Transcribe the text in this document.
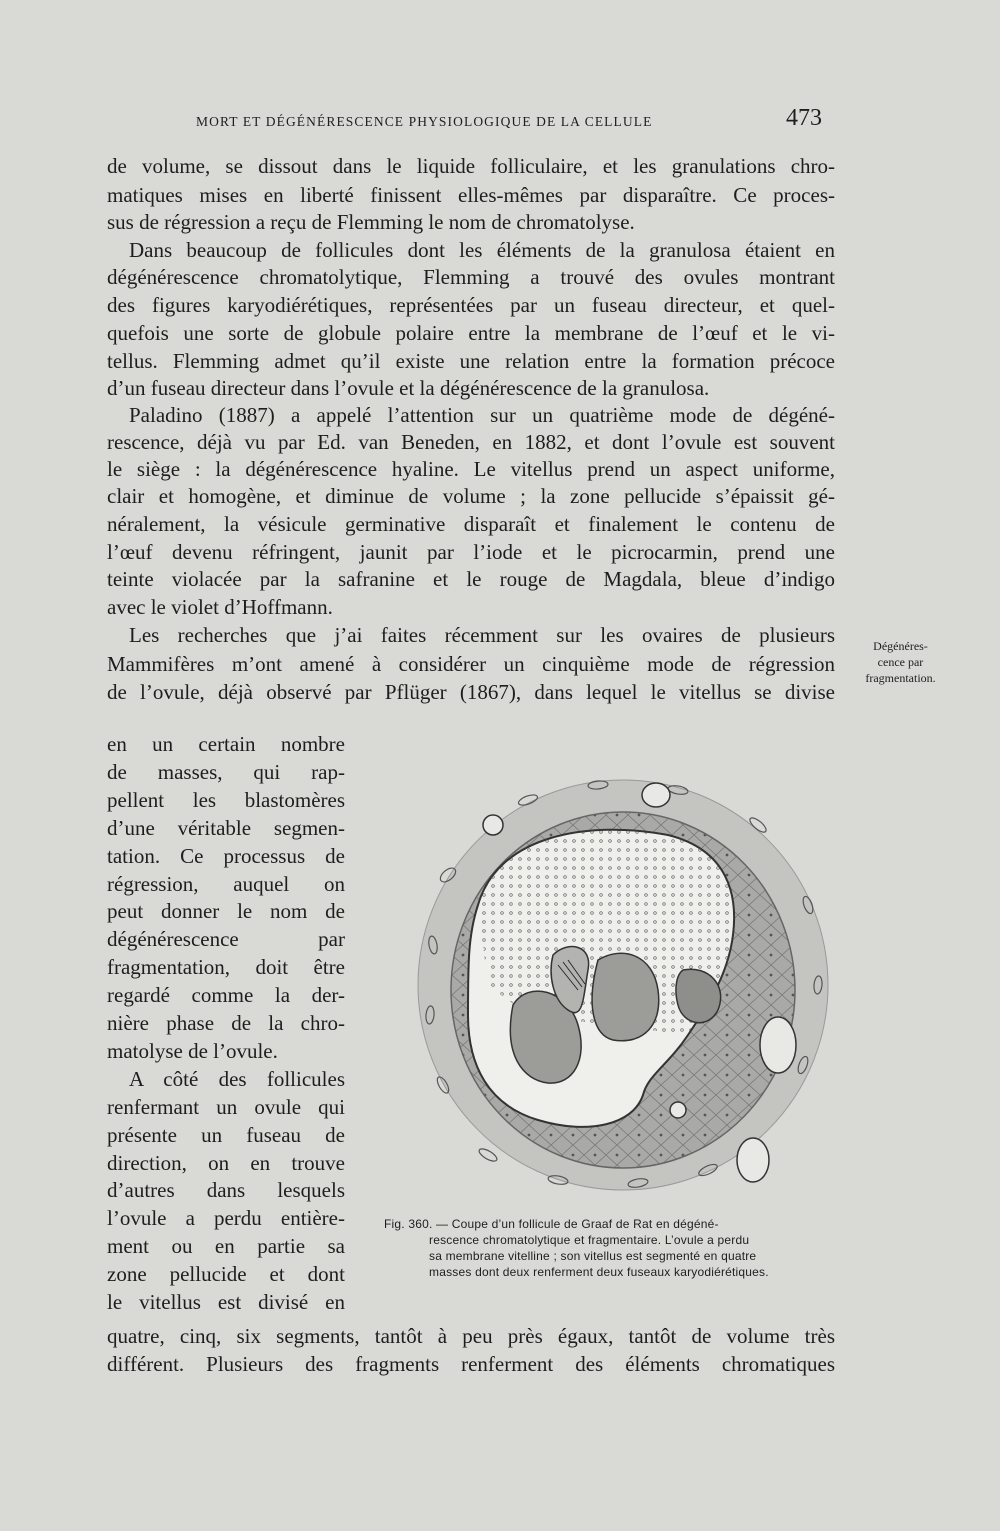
MORT ET DÉGÉNÉRESCENCE PHYSIOLOGIQUE DE LA CELLULE	473
de volume, se dissout dans le liquide folliculaire, et les granulations chro-
matiques mises en liberté finissent elles-mêmes par disparaître. Ce proces-
sus de régression a reçu de Flemming le nom de chromatolyse.
Dans beaucoup de follicules dont les éléments de la granulosa étaient en
dégénérescence chromatolytique, Flemming a trouvé des ovules montrant
des figures karyodiérétiques, représentées par un fuseau directeur, et quel-
quefois une sorte de globule polaire entre la membrane de l’œuf et le vi-
tellus. Flemming admet qu’il existe une relation entre la formation précoce
d’un fuseau directeur dans l’ovule et la dégénérescence de la granulosa.
Paladino (1887) a appelé l’attention sur un quatrième mode de dégéné-
rescence, déjà vu par Ed. van Beneden, en 1882, et dont l’ovule est souvent
le siège : la dégénérescence hyaline. Le vitellus prend un aspect uniforme,
clair et homogène, et diminue de volume ; la zone pellucide s’épaissit gé-
néralement, la vésicule germinative disparaît et finalement le contenu de
l’œuf devenu réfringent, jaunit par l’iode et le picrocarmin, prend une
teinte violacée par la safranine et le rouge de Magdala, bleue d’indigo
avec le violet d’Hoffmann.
Les recherches que j’ai faites récemment sur les ovaires de plusieurs
Mammifères m’ont amené à considérer un cinquième mode de régression
de l’ovule, déjà observé par Pflüger (1867), dans lequel le vitellus se divise
en un certain nombre
de masses, qui rap-
pellent les blastomères
d’une véritable segmen-
tation. Ce processus de
régression, auquel on
peut donner le nom de
dégénérescence par
fragmentation, doit être
regardé comme la der-
nière phase de la chro-
matolyse de l’ovule.
A côté des follicules
renfermant un ovule qui
présente un fuseau de
direction, on en trouve
d’autres dans lesquels
l’ovule a perdu entière-
ment ou en partie sa
zone pellucide et dont
le vitellus est divisé en
quatre, cinq, six segments, tantôt à peu près égaux, tantôt de volume très
différent. Plusieurs des fragments renferment des éléments chromatiques
Dégénéres-
cence par
fragmentation.
Fig. 360. — Coupe d’un follicule de Graaf de Rat en dégéné-
rescence chromatolytique et fragmentaire. L’ovule a perdu
sa membrane vitelline ; son vitellus est segmenté en quatre
masses dont deux renferment deux fuseaux karyodiérétiques.
